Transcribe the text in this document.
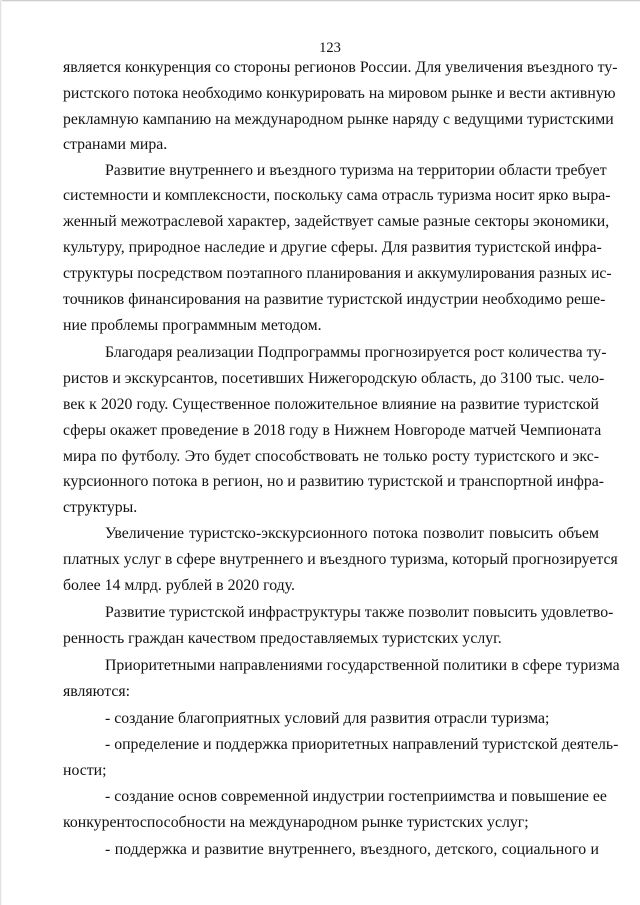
123
является конкуренция со стороны регионов России. Для увеличения въездного ту-
ристского потока необходимо конкурировать на мировом рынке и вести активную
рекламную кампанию на международном рынке наряду с ведущими туристскими
странами мира.
Развитие внутреннего и въездного туризма на территории области требует
системности и комплексности, поскольку сама отрасль туризма носит ярко выра-
женный межотраслевой характер, задействует самые разные секторы экономики,
культуру, природное наследие и другие сферы. Для развития туристской инфра-
структуры посредством поэтапного планирования и аккумулирования разных ис-
точников финансирования на развитие туристской индустрии необходимо реше-
ние проблемы программным методом.
Благодаря реализации Подпрограммы прогнозируется рост количества ту-
ристов и экскурсантов, посетивших Нижегородскую область, до 3100 тыс. чело-
век к 2020 году. Существенное положительное влияние на развитие туристской
сферы окажет проведение в 2018 году в Нижнем Новгороде матчей Чемпионата
мира по футболу. Это будет способствовать не только росту туристского и экс-
курсионного потока в регион, но и развитию туристской и транспортной инфра-
структуры.
Увеличение туристско-экскурсионного потока позволит повысить объем
платных услуг в сфере внутреннего и въездного туризма, который прогнозируется
более 14 млрд. рублей в 2020 году.
Развитие туристской инфраструктуры также позволит повысить удовлетво-
ренность граждан качеством предоставляемых туристских услуг.
Приоритетными направлениями государственной политики в сфере туризма
являются:
- создание благоприятных условий для развития отрасли туризма;
- определение и поддержка приоритетных направлений туристской деятель-
ности;
- создание основ современной индустрии гостеприимства и повышение ее
конкурентоспособности на международном рынке туристских услуг;
- поддержка и развитие внутреннего, въездного, детского, социального и
